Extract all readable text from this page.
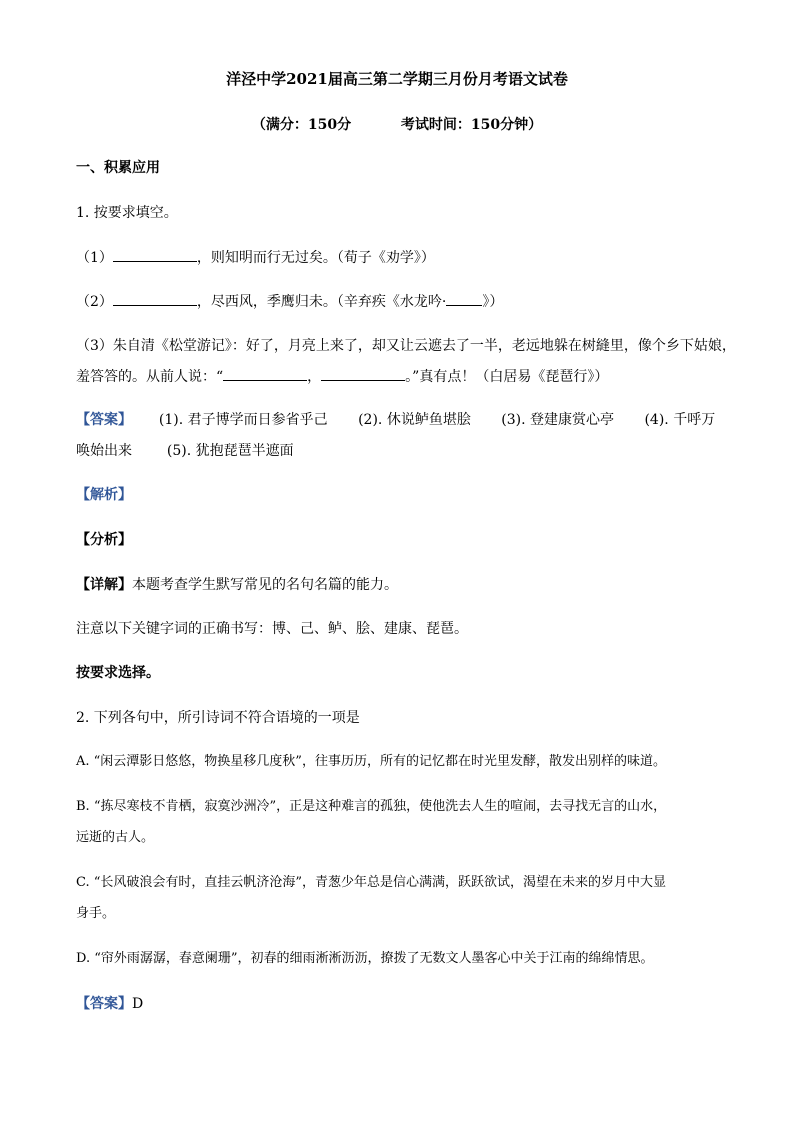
洋泾中学2021届高三第二学期三月份月考语文试卷
（满分：150分	考试时间：150分钟）
一、积累应用
1. 按要求填空。
（1）	，则知明而行无过矣。（荀子《劝学》）
（2）	，尽西风，季鹰归未。（辛弃疾《水龙吟·	》）
（3）朱自清《松堂游记》：好了，月亮上来了，却又让云遮去了一半，老远地躲在树縫里，像个乡下姑娘，
羞答答的。从前人说：“	，	。”真有点！（白居易《琵琶行》）
【答案】 (1). 君子博学而日参省乎己 (2). 休说鲈鱼堪脍 (3). 登建康赏心亭 (4). 千呼万
唤始出来 (5). 犹抱琵琶半遮面
【解析】
【分析】
【详解】本题考查学生默写常见的名句名篇的能力。
注意以下关键字词的正确书写：博、己、鲈、脍、建康、琵琶。
按要求选择。
2. 下列各句中，所引诗词不符合语境的一项是
A. “闲云潭影日悠悠，物换星移几度秋”，往事历历，所有的记忆都在时光里发酵，散发出别样的味道。
B. “拣尽寒枝不肯栖，寂寞沙洲冷”，正是这种难言的孤独，使他洗去人生的喧闹，去寻找无言的山水，
远逝的古人。
C. “长风破浪会有时，直挂云帆济沧海”，青葱少年总是信心满满，跃跃欲试，渴望在未来的岁月中大显
身手。
D. “帘外雨潺潺，春意阑珊”，初春的细雨淅淅沥沥，撩拨了无数文人墨客心中关于江南的绵绵情思。
【答案】D
